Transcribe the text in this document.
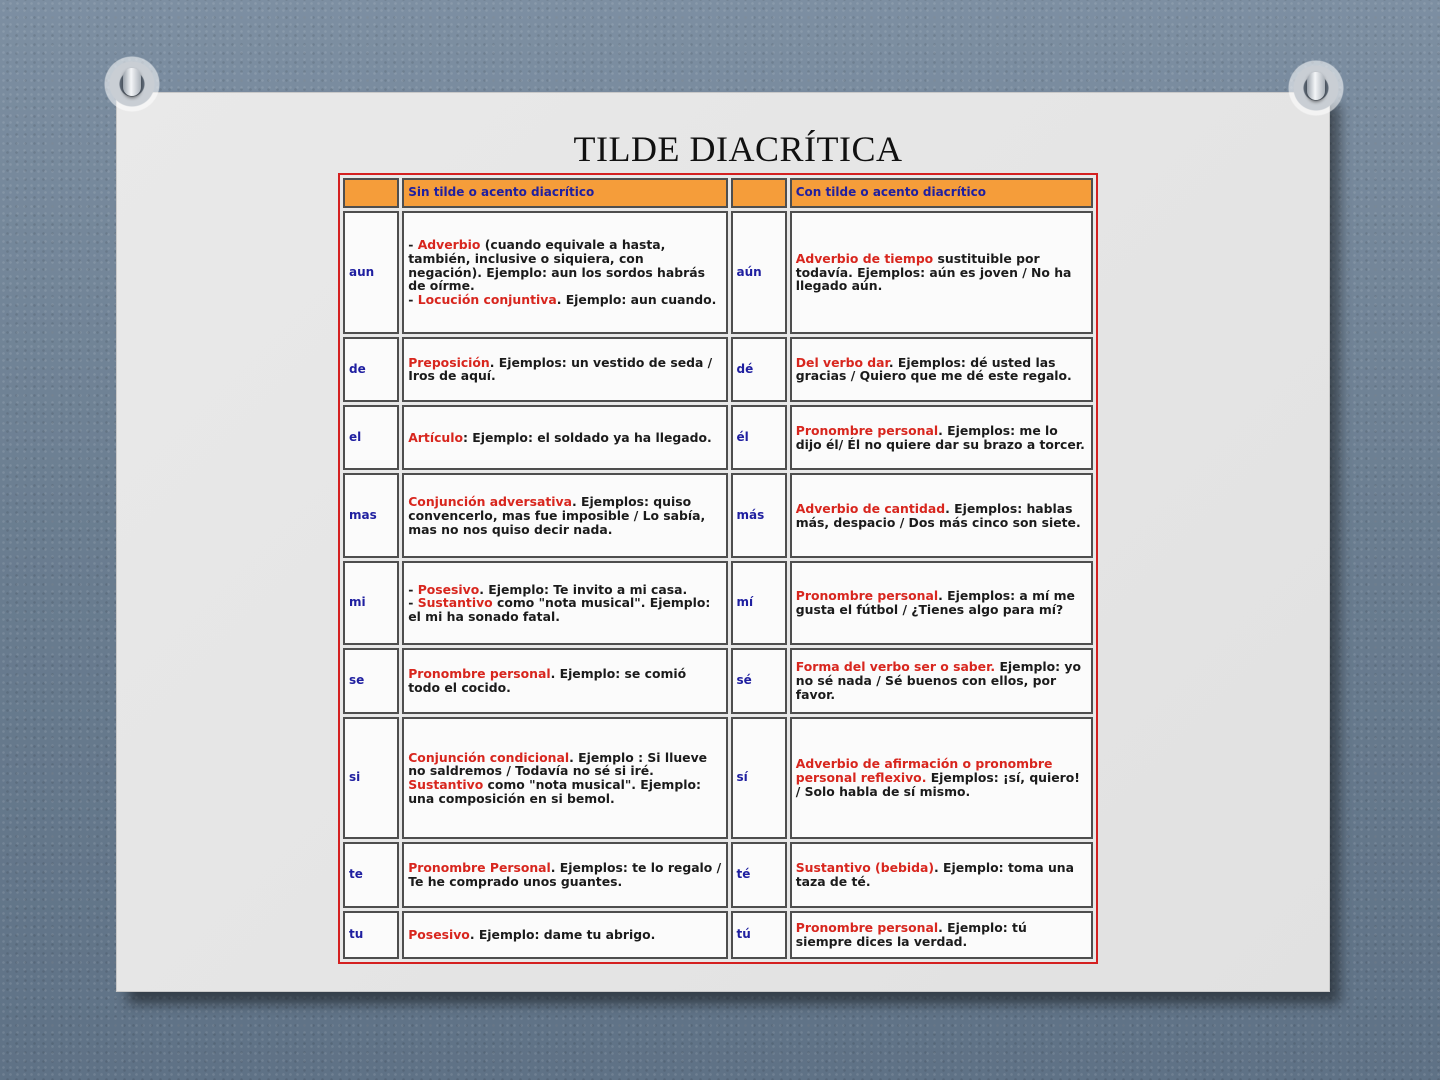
TILDE DIACRÍTICA
	Sin tilde o acento diacrítico		Con tilde o acento diacrítico
aun	- Adverbio (cuando equivale a hasta, también, inclusive o siquiera, con negación). Ejemplo: aun los sordos habrás de oírme.
- Locución conjuntiva. Ejemplo: aun cuando.	aún	Adverbio de tiempo sustituible por todavía. Ejemplos: aún es joven / No ha llegado aún.
de	Preposición. Ejemplos: un vestido de seda / Iros de aquí.	dé	Del verbo dar. Ejemplos: dé usted las gracias / Quiero que me dé este regalo.
el	Artículo: Ejemplo: el soldado ya ha llegado.	él	Pronombre personal. Ejemplos: me lo dijo él/ Él no quiere dar su brazo a torcer.
mas	Conjunción adversativa. Ejemplos: quiso convencerlo, mas fue imposible / Lo sabía, mas no nos quiso decir nada.	más	Adverbio de cantidad. Ejemplos: hablas más, despacio / Dos más cinco son siete.
mi	- Posesivo. Ejemplo: Te invito a mi casa.
- Sustantivo como "nota musical". Ejemplo: el mi ha sonado fatal.	mí	Pronombre personal. Ejemplos: a mí me gusta el fútbol / ¿Tienes algo para mí?
se	Pronombre personal. Ejemplo: se comió todo el cocido.	sé	Forma del verbo ser o saber. Ejemplo: yo no sé nada / Sé buenos con ellos, por favor.
si	Conjunción condicional. Ejemplo : Si llueve no saldremos / Todavía no sé si iré.
Sustantivo como "nota musical". Ejemplo: una composición en si bemol.	sí	Adverbio de afirmación o pronombre personal reflexivo. Ejemplos: ¡sí, quiero! / Solo habla de sí mismo.
te	Pronombre Personal. Ejemplos: te lo regalo / Te he comprado unos guantes.	té	Sustantivo (bebida). Ejemplo: toma una taza de té.
tu	Posesivo. Ejemplo: dame tu abrigo.	tú	Pronombre personal. Ejemplo: tú siempre dices la verdad.
